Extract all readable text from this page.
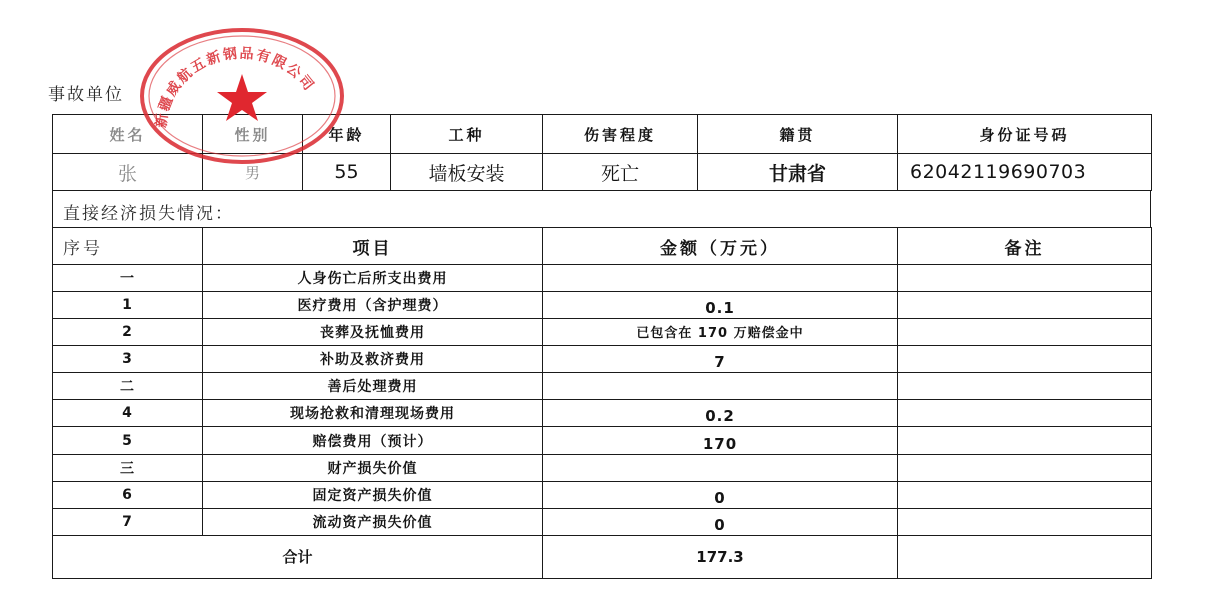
事故单位
姓名	性别	年龄	工种	伤害程度	籍贯	身份证号码
张	男	55	墙板安装	死亡	甘肃省	62042119690703
直接经济损失情况：
序号	项目	金额（万元）	备注
一	人身伤亡后所支出费用		
1	医疗费用（含护理费）	0.1	
2	丧葬及抚恤费用	已包含在 170 万赔偿金中	
3	补助及救济费用	7	
二	善后处理费用		
4	现场抢救和清理现场费用	0.2	
5	赔偿费用（预计）	170	
三	财产损失价值		
6	固定资产损失价值	0	
7	流动资产损失价值	0	
合计		177.3	
新疆威航五新钢品有限公司
